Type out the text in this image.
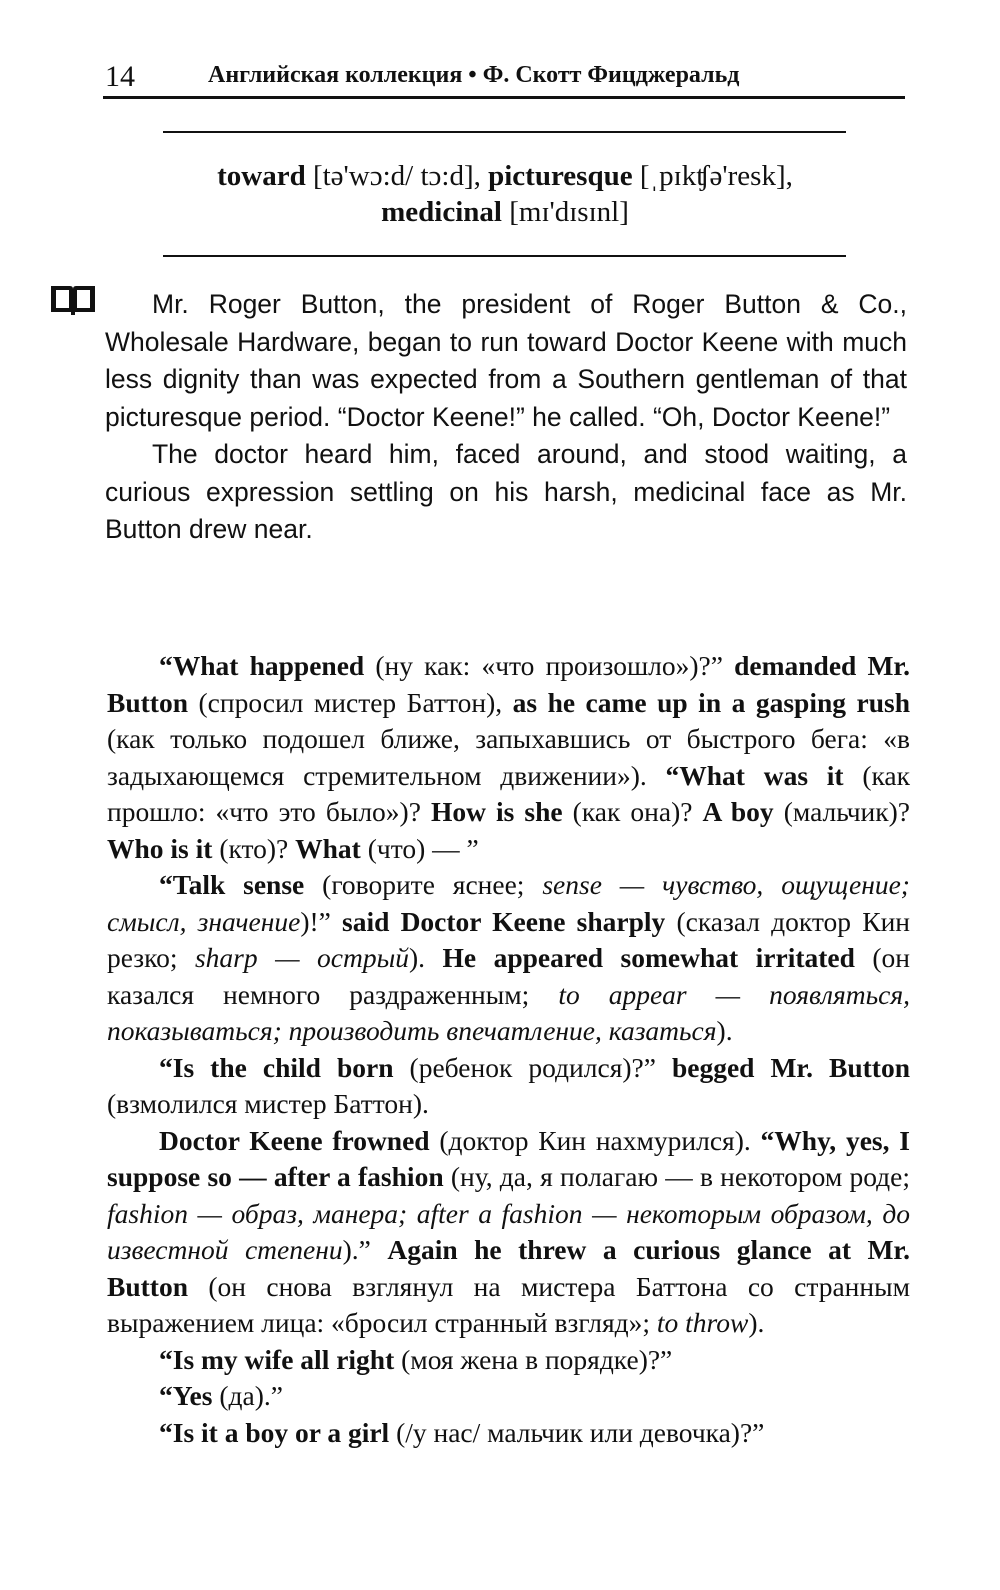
14	Английская коллекция • Ф. Скотт Фицджеральд
toward [tə'wɔ:d/ tɔ:d], picturesque [ˌpɪkʧə'resk],
medicinal [mɪ'dɪsɪnl]

Mr. Roger Button, the president of Roger Button & Co., Wholesale Hardware, began to run toward Doctor Keene with much less dignity than was expected from a Southern gentleman of that picturesque period. “Doctor Keene!” he called. “Oh, Doctor Keene!”

The doctor heard him, faced around, and stood waiting, a curious expression settling on his harsh, medicinal face as Mr. Button drew near.

“What happened (ну как: «что произошло»)?” demanded Mr. Button (спросил мистер Баттон), as he came up in a gasping rush (как только подошел ближе, запыхавшись от быстрого бега: «в задыхающемся стремительном движении»). “What was it (как прошло: «что это было»)? How is she (как она)? A boy (мальчик)? Who is it (кто)? What (что) — ”

“Talk sense (говорите яснее; sense — чувство, ощущение; смысл, значение)!” said Doctor Keene sharply (сказал доктор Кин резко; sharp — острый). He appeared somewhat irritated (он казался немного раздраженным; to appear — появляться, показываться; производить впечатление, казаться).

“Is the child born (ребенок родился)?” begged Mr. Button (взмолился мистер Баттон).

Doctor Keene frowned (доктор Кин нахмурился). “Why, yes, I suppose so — after a fashion (ну, да, я полагаю — в некотором роде; fashion — образ, манера; after a fashion — некоторым образом, до известной степени).” Again he threw a curious glance at Mr. Button (он снова взглянул на мистера Баттона со странным выражением лица: «бросил странный взгляд»; to throw).

“Is my wife all right (моя жена в порядке)?”

“Yes (да).”

“Is it a boy or a girl (/у нас/ мальчик или девочка)?”
